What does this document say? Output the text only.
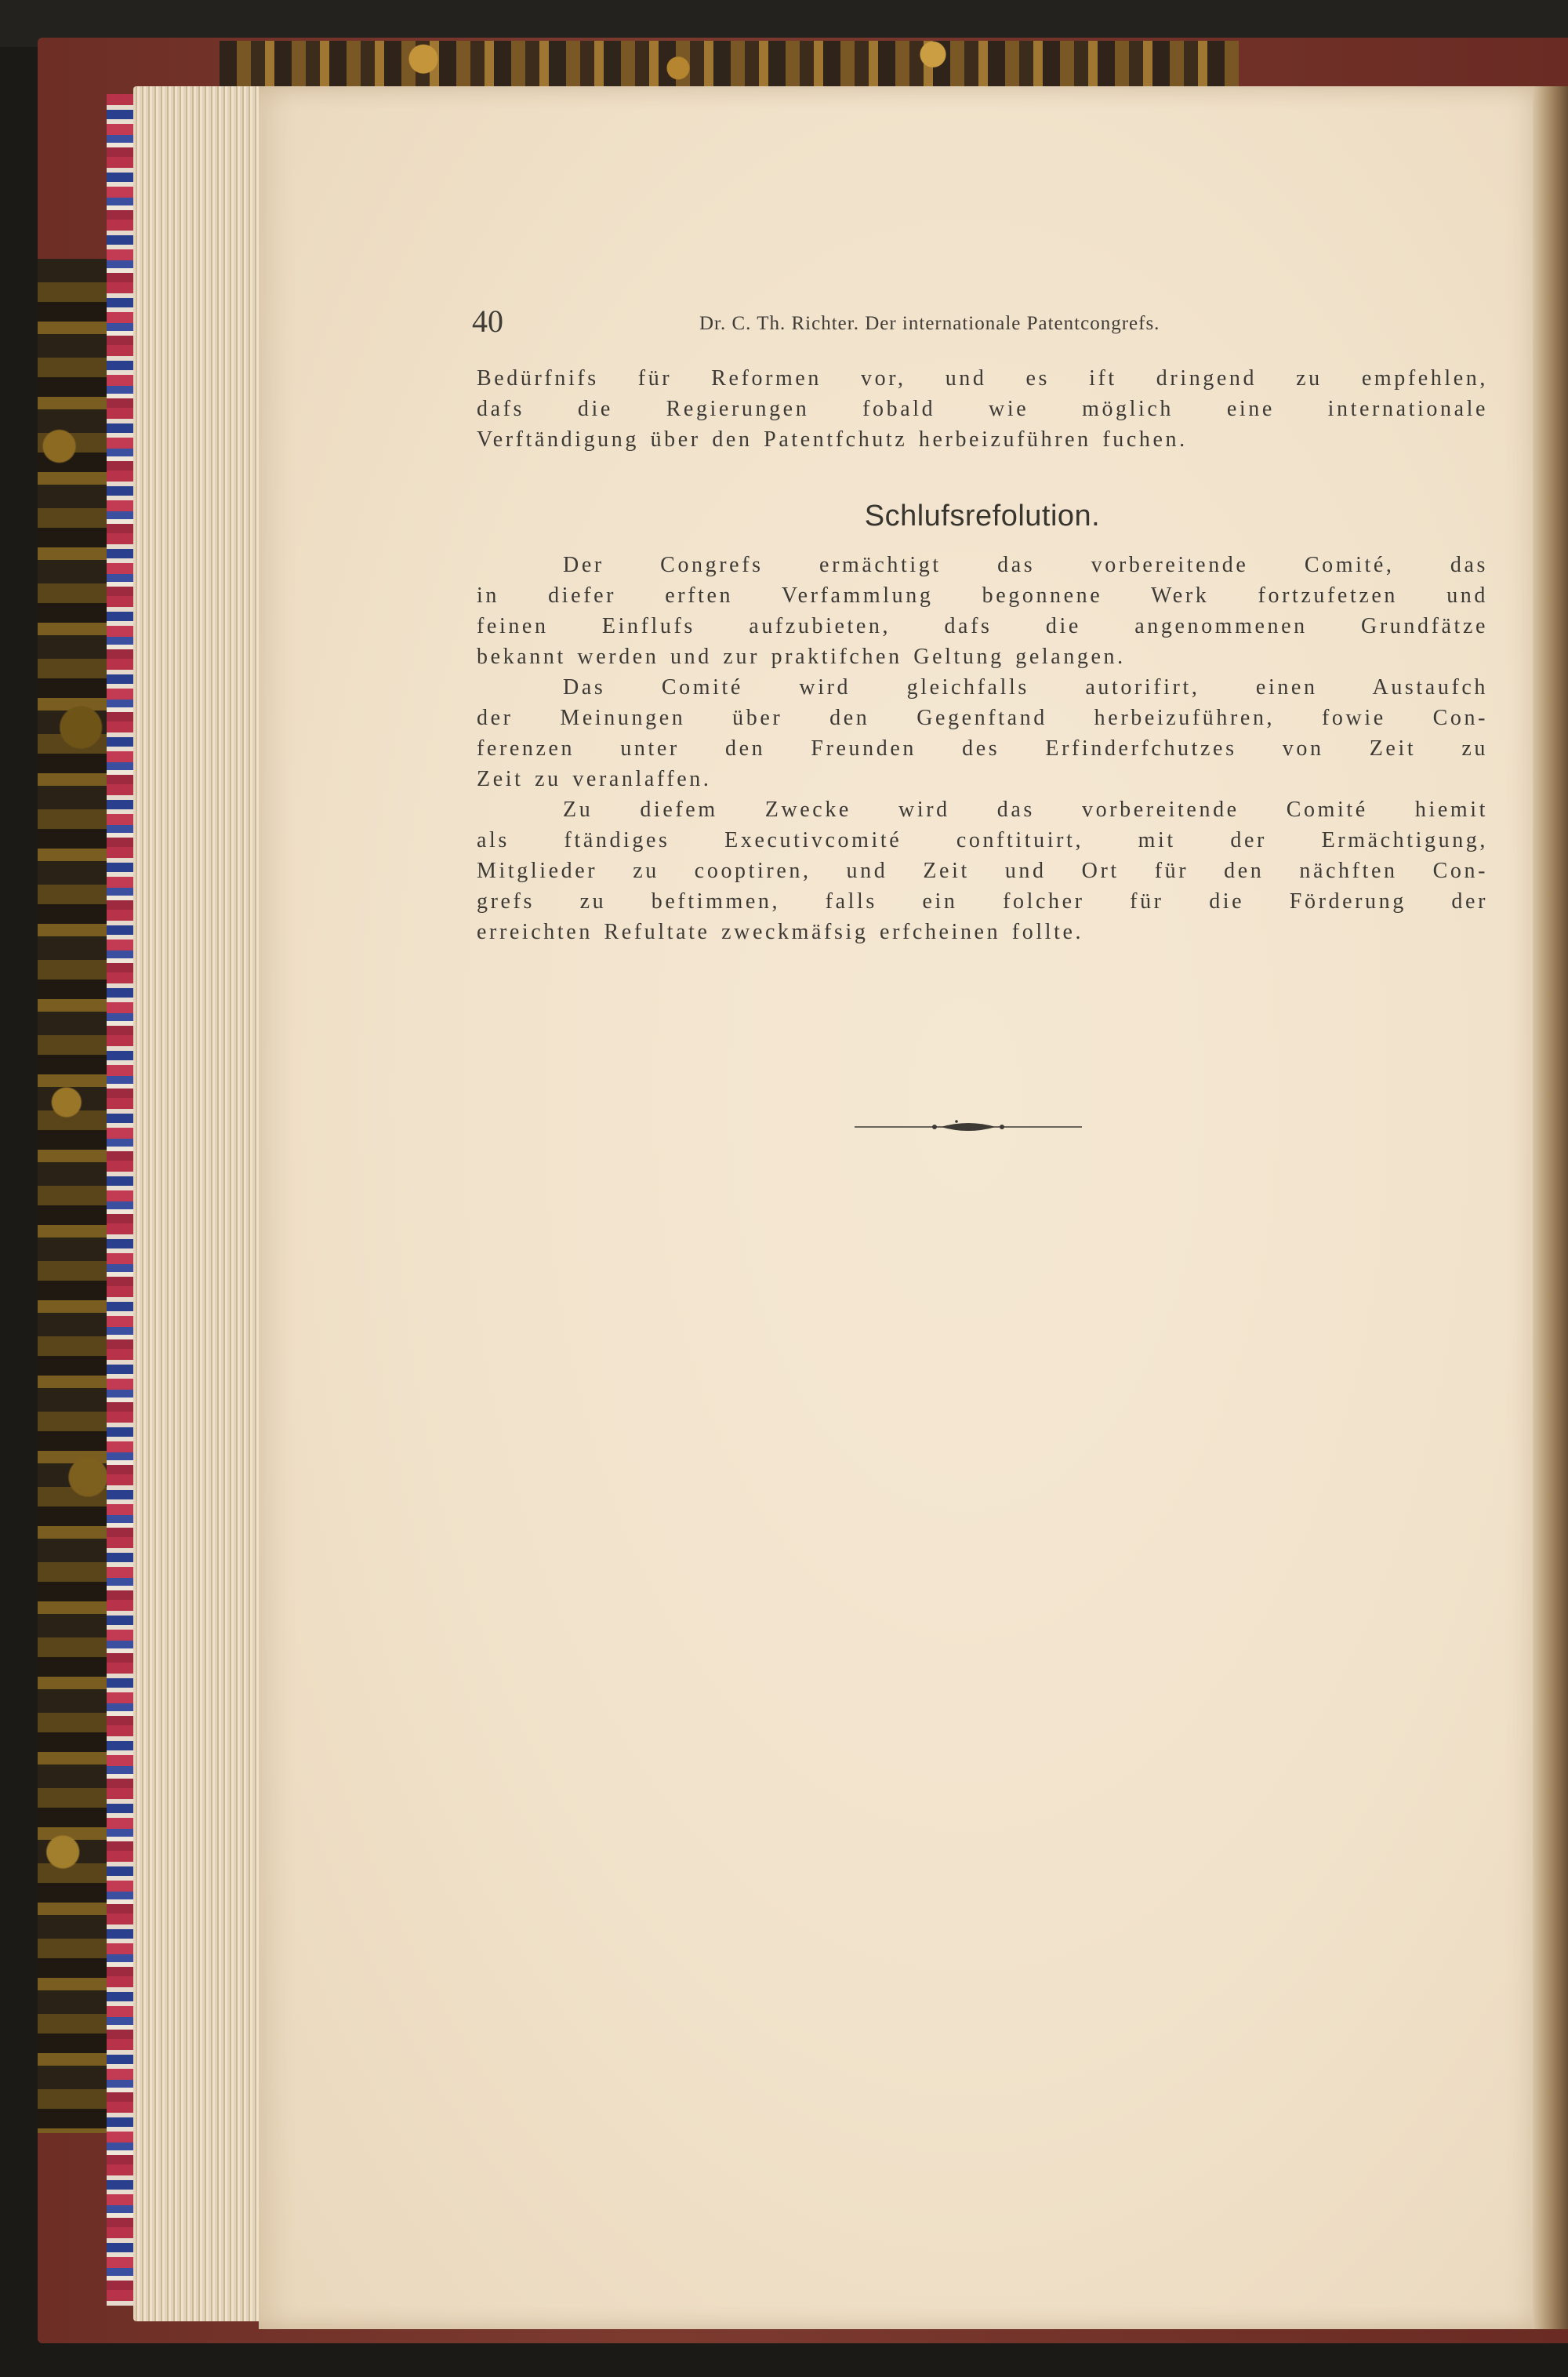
40	Dr. C. Th. Richter. Der internationale Patentcongrefs.

Bedürfnifs für Reformen vor, und es ift dringend zu empfehlen,

dafs die Regierungen fobald wie möglich eine internationale

Verftändigung über den Patentfchutz herbeizuführen fuchen.

Schlufsrefolution.

Der Congrefs ermächtigt das vorbereitende Comité, das

in diefer erften Verfammlung begonnene Werk fortzufetzen und

feinen Einflufs aufzubieten, dafs die angenommenen Grundfätze

bekannt werden und zur praktifchen Geltung gelangen.

Das Comité wird gleichfalls autorifirt, einen Austaufch

der Meinungen über den Gegenftand herbeizuführen, fowie Con-

ferenzen unter den Freunden des Erfinderfchutzes von Zeit zu

Zeit zu veranlaffen.

Zu diefem Zwecke wird das vorbereitende Comité hiemit

als ftändiges Executivcomité conftituirt, mit der Ermächtigung,

Mitglieder zu cooptiren, und Zeit und Ort für den nächften Con-

grefs zu beftimmen, falls ein folcher für die Förderung der

erreichten Refultate zweckmäfsig erfcheinen follte.
